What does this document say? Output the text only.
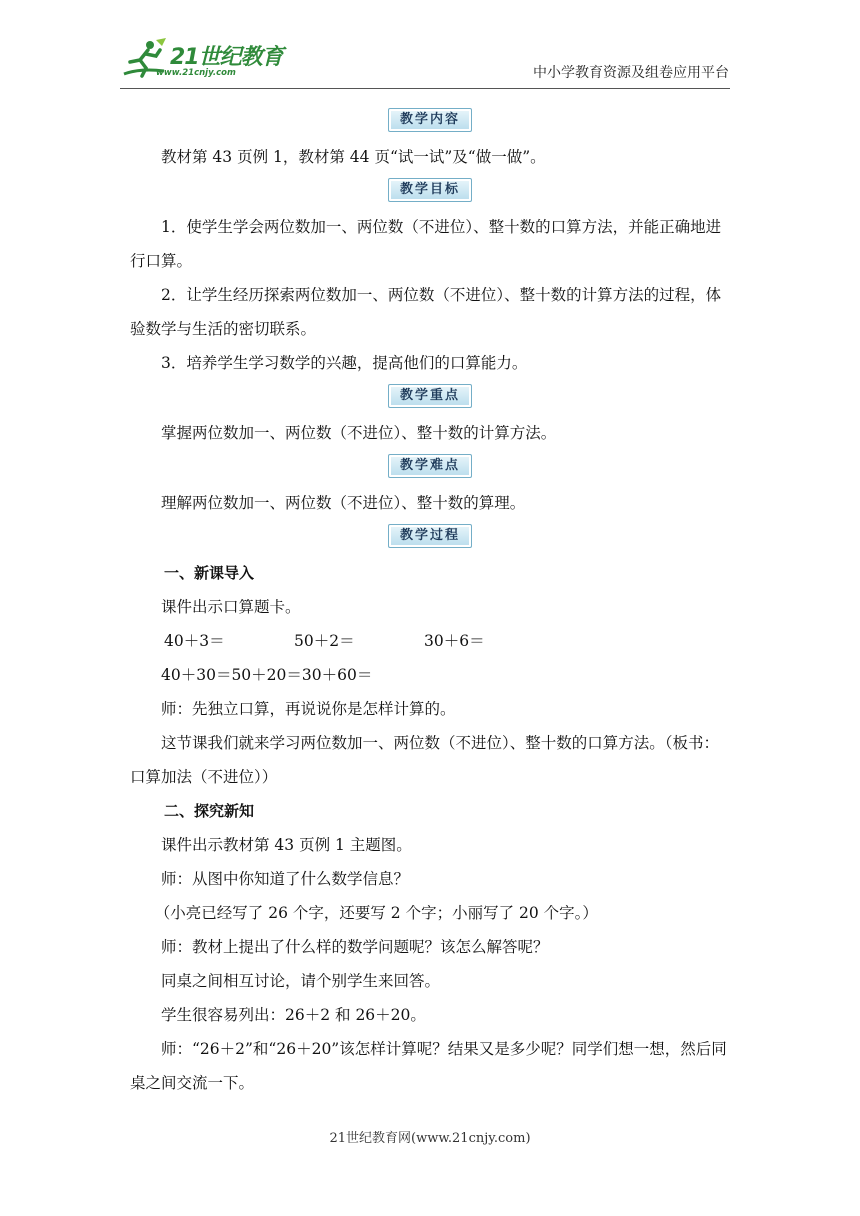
21世纪教育
www.21cnjy.com	中小学教育资源及组卷应用平台
教学内容

教材第 43 页例 1，教材第 44 页“试一试”及“做一做”。

教学目标

1．使学生学会两位数加一、两位数（不进位）、整十数的口算方法，并能正确地进行口算。

2．让学生经历探索两位数加一、两位数（不进位）、整十数的计算方法的过程，体验数学与生活的密切联系。

3．培养学生学习数学的兴趣，提高他们的口算能力。

教学重点

掌握两位数加一、两位数（不进位）、整十数的计算方法。

教学难点

理解两位数加一、两位数（不进位）、整十数的算理。

教学过程
一、新课导入

课件出示口算题卡。

40＋3＝	50＋2＝	30＋6＝

40＋30＝50＋20＝30＋60＝

师：先独立口算，再说说你是怎样计算的。

这节课我们就来学习两位数加一、两位数（不进位）、整十数的口算方法。（板书：口算加法（不进位））

二、探究新知

课件出示教材第 43 页例 1 主题图。

师：从图中你知道了什么数学信息？

（小亮已经写了 26 个字，还要写 2 个字；小丽写了 20 个字。）

师：教材上提出了什么样的数学问题呢？该怎么解答呢？

同桌之间相互讨论，请个别学生来回答。

学生很容易列出：26＋2 和 26＋20。

师：“26＋2”和“26＋20”该怎样计算呢？结果又是多少呢？同学们想一想，然后同桌之间交流一下。

21世纪教育网(www.21cnjy.com)
